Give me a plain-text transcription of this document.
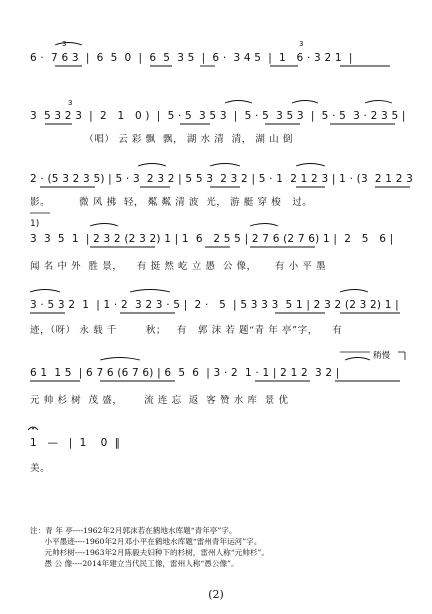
3	3
6 ·  7 6 3  |  6  5  0  |  6  5  3 5  |  6 ·  3 4 5  |  1   6 · 3 2 1  |
3
3  5 3 2 3  |  2   1   0 )  |  5 · 5  3 5 3  |  5 · 5  3 5 3  |  5 · 5  3 · 2 3 5 |
（唱） 云 彩 飘  飘， 湖 水 清  清， 湖 山 倒
2 · (5 3 2 3 5) | 5 · 3  2 3 2 | 5 5 3  2 3 2 | 5 · 1  2 1 2 3 | 1 · (3  2 1 2 3
影。        微 风 拂  轻， 粼 粼 清 波  光， 游 艇 穿 梭   过。
1)
3  3  5  1  | 2 3 2 (2 3 2) 1 | 1  6   2 5 5 | 2 7 6 (2 7 6) 1 |  2   5   6 |
闻 名 中 外  胜 景，    有 挺 然 屹 立 愚  公 像，     有 小 平 墨
3 · 5 3 2  1  | 1 · 2  3 2 3 · 5 |  2 ·   5  | 5 3 3 3  5 1 | 2 3 2 (2 3 2) 1 |
迹，（呀） 永 载 千        秋；   有   郭 沫 若 题“青 年 亭”字，    有
稍慢
6 1  1 5  | 6 7 6 (6 7 6) | 6  5  6  | 3 · 2  1 · 1 | 2 1 2  3 2 |
元 帅 杉 树  茂 盛，      流 连 忘  返  客 赞 水 库  景 优
1   —   |  1    0  ‖
美。
注：青 年 亭----1962年2月郭沫若在鹤地水库题“青年亭”字。
小平墨迹----1960年2月邓小平在鹤地水库题“雷州青年运河”字。
元帅杉树----1963年2月陈毅夫妇种下的杉树，雷州人称“元帅杉”。
愚 公 像----2014年建立当代民工像，雷州人称“愚公像”。
(2)
